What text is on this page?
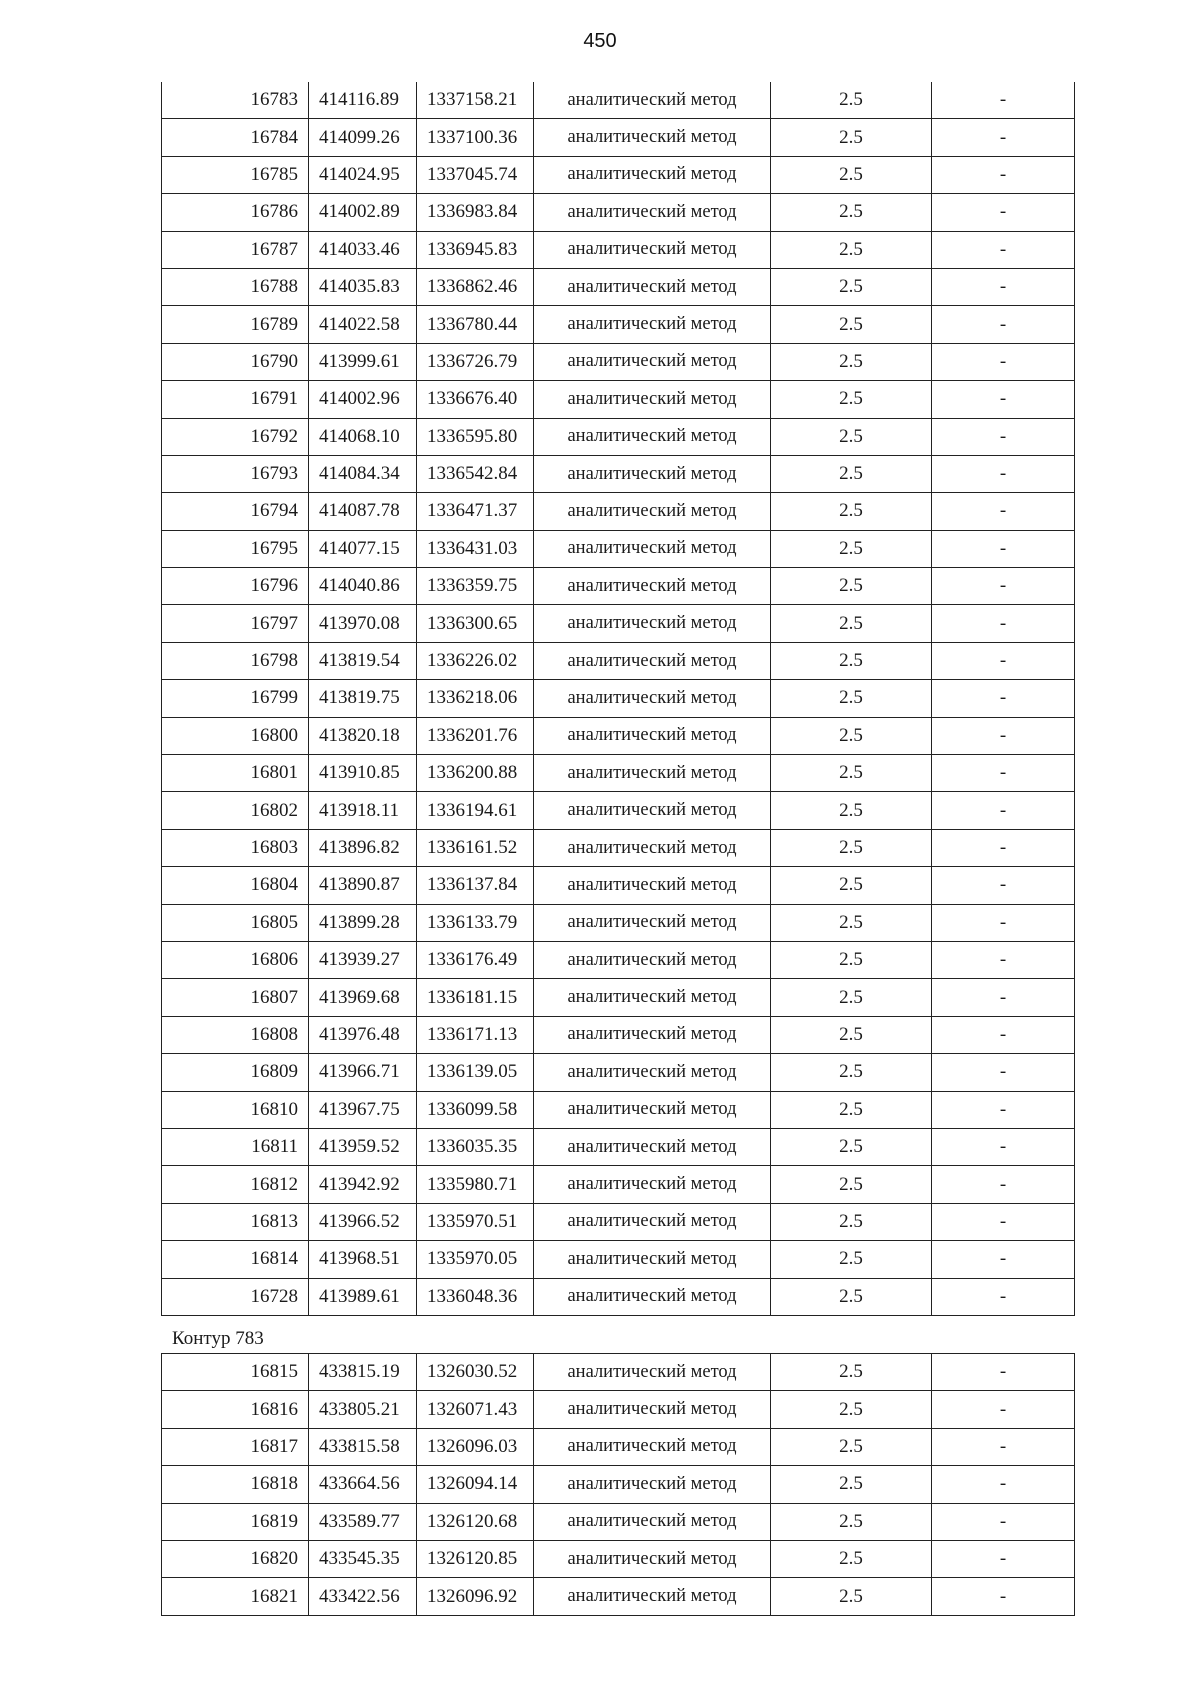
450
16783	414116.89	1337158.21	аналитический метод	2.5	-
16784	414099.26	1337100.36	аналитический метод	2.5	-
16785	414024.95	1337045.74	аналитический метод	2.5	-
16786	414002.89	1336983.84	аналитический метод	2.5	-
16787	414033.46	1336945.83	аналитический метод	2.5	-
16788	414035.83	1336862.46	аналитический метод	2.5	-
16789	414022.58	1336780.44	аналитический метод	2.5	-
16790	413999.61	1336726.79	аналитический метод	2.5	-
16791	414002.96	1336676.40	аналитический метод	2.5	-
16792	414068.10	1336595.80	аналитический метод	2.5	-
16793	414084.34	1336542.84	аналитический метод	2.5	-
16794	414087.78	1336471.37	аналитический метод	2.5	-
16795	414077.15	1336431.03	аналитический метод	2.5	-
16796	414040.86	1336359.75	аналитический метод	2.5	-
16797	413970.08	1336300.65	аналитический метод	2.5	-
16798	413819.54	1336226.02	аналитический метод	2.5	-
16799	413819.75	1336218.06	аналитический метод	2.5	-
16800	413820.18	1336201.76	аналитический метод	2.5	-
16801	413910.85	1336200.88	аналитический метод	2.5	-
16802	413918.11	1336194.61	аналитический метод	2.5	-
16803	413896.82	1336161.52	аналитический метод	2.5	-
16804	413890.87	1336137.84	аналитический метод	2.5	-
16805	413899.28	1336133.79	аналитический метод	2.5	-
16806	413939.27	1336176.49	аналитический метод	2.5	-
16807	413969.68	1336181.15	аналитический метод	2.5	-
16808	413976.48	1336171.13	аналитический метод	2.5	-
16809	413966.71	1336139.05	аналитический метод	2.5	-
16810	413967.75	1336099.58	аналитический метод	2.5	-
16811	413959.52	1336035.35	аналитический метод	2.5	-
16812	413942.92	1335980.71	аналитический метод	2.5	-
16813	413966.52	1335970.51	аналитический метод	2.5	-
16814	413968.51	1335970.05	аналитический метод	2.5	-
16728	413989.61	1336048.36	аналитический метод	2.5	-
Контур 783
16815	433815.19	1326030.52	аналитический метод	2.5	-
16816	433805.21	1326071.43	аналитический метод	2.5	-
16817	433815.58	1326096.03	аналитический метод	2.5	-
16818	433664.56	1326094.14	аналитический метод	2.5	-
16819	433589.77	1326120.68	аналитический метод	2.5	-
16820	433545.35	1326120.85	аналитический метод	2.5	-
16821	433422.56	1326096.92	аналитический метод	2.5	-
